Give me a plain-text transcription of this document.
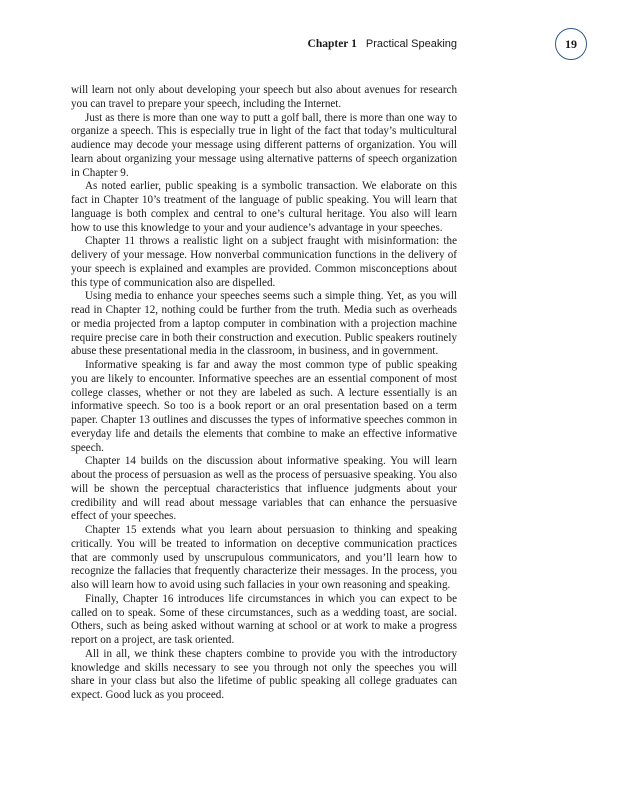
Chapter 1 Practical Speaking	19

will learn not only about developing your speech but also about avenues for research you can travel to prepare your speech, including the Internet.

Just as there is more than one way to putt a golf ball, there is more than one way to organize a speech. This is especially true in light of the fact that today’s multicultural audience may decode your message using different patterns of organization. You will learn about organizing your message using alternative patterns of speech organization in Chapter 9.

As noted earlier, public speaking is a symbolic transaction. We elaborate on this fact in Chapter 10’s treatment of the language of public speaking. You will learn that language is both complex and central to one’s cultural heritage. You also will learn how to use this knowledge to your and your audience’s advantage in your speeches.

Chapter 11 throws a realistic light on a subject fraught with misinformation: the delivery of your message. How nonverbal communication functions in the delivery of your speech is explained and examples are provided. Common misconceptions about this type of communication also are dispelled.

Using media to enhance your speeches seems such a simple thing. Yet, as you will read in Chapter 12, nothing could be further from the truth. Media such as overheads or media projected from a laptop computer in combination with a projection machine require precise care in both their construction and execution. Public speakers routinely abuse these presentational media in the classroom, in business, and in government.

Informative speaking is far and away the most common type of public speaking you are likely to encounter. Informative speeches are an essential component of most college classes, whether or not they are labeled as such. A lecture essentially is an informative speech. So too is a book report or an oral presentation based on a term paper. Chapter 13 outlines and discusses the types of informative speeches common in everyday life and details the elements that combine to make an effective informative speech.

Chapter 14 builds on the discussion about informative speaking. You will learn about the process of persuasion as well as the process of persuasive speaking. You also will be shown the perceptual characteristics that influence judgments about your credibility and will read about message variables that can enhance the persuasive effect of your speeches.

Chapter 15 extends what you learn about persuasion to thinking and speaking critically. You will be treated to information on deceptive communication practices that are commonly used by unscrupulous communicators, and you’ll learn how to recognize the fallacies that frequently characterize their messages. In the process, you also will learn how to avoid using such fallacies in your own reasoning and speaking.

Finally, Chapter 16 introduces life circumstances in which you can expect to be called on to speak. Some of these circumstances, such as a wedding toast, are social. Others, such as being asked without warning at school or at work to make a progress report on a project, are task oriented.

All in all, we think these chapters combine to provide you with the introductory knowledge and skills necessary to see you through not only the speeches you will share in your class but also the lifetime of public speaking all college graduates can expect. Good luck as you proceed.
